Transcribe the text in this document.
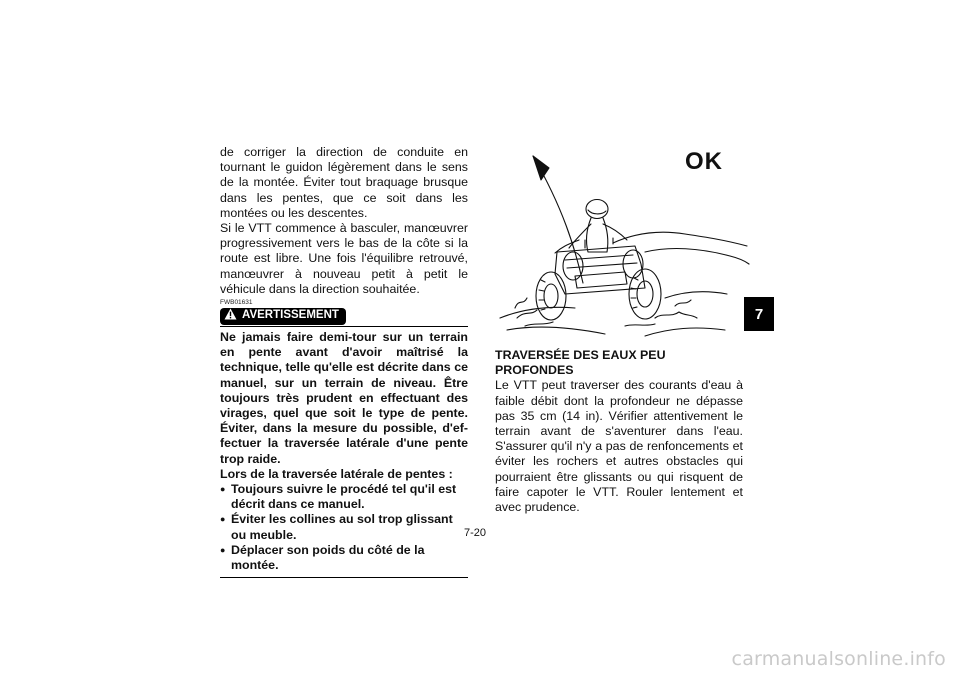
de corriger la direction de conduite en tournant le guidon légèrement dans le sens de la montée. Éviter tout braquage brusque dans les pentes, que ce soit dans les montées ou les descentes.

Si le VTT commence à basculer, manœuvrer progressivement vers le bas de la côte si la route est libre. Une fois l'équilibre retrouvé, manœuvrer à nouveau petit à petit le véhicule dans la direction souhaitée.

FWB01631
AVERTISSEMENT

Ne jamais faire demi-tour sur un terrain en pente avant d'avoir maîtrisé la technique, telle qu'elle est décrite dans ce manuel, sur un terrain de niveau. Être toujours très prudent en effectuant des virages, quel que soit le type de pente. Éviter, dans la mesure du possible, d'effectuer la traversée latérale d'une pente trop raide.

Lors de la traversée latérale de pentes :

● Toujours suivre le procédé tel qu'il est décrit dans ce manuel.
● Éviter les collines au sol trop glissant ou meuble.
● Déplacer son poids du côté de la montée.
OK

TRAVERSÉE DES EAUX PEU PROFONDES

Le VTT peut traverser des courants d'eau à faible débit dont la profondeur ne dépasse pas 35 cm (14 in). Vérifier attentivement le terrain avant de s'aventurer dans l'eau. S'assurer qu'il n'y a pas de renfoncements et éviter les rochers et autres obstacles qui pourraient être glissants ou qui risquent de faire capoter le VTT. Rouler lentement et avec prudence.

7
7-20
carmanualsonline.info
